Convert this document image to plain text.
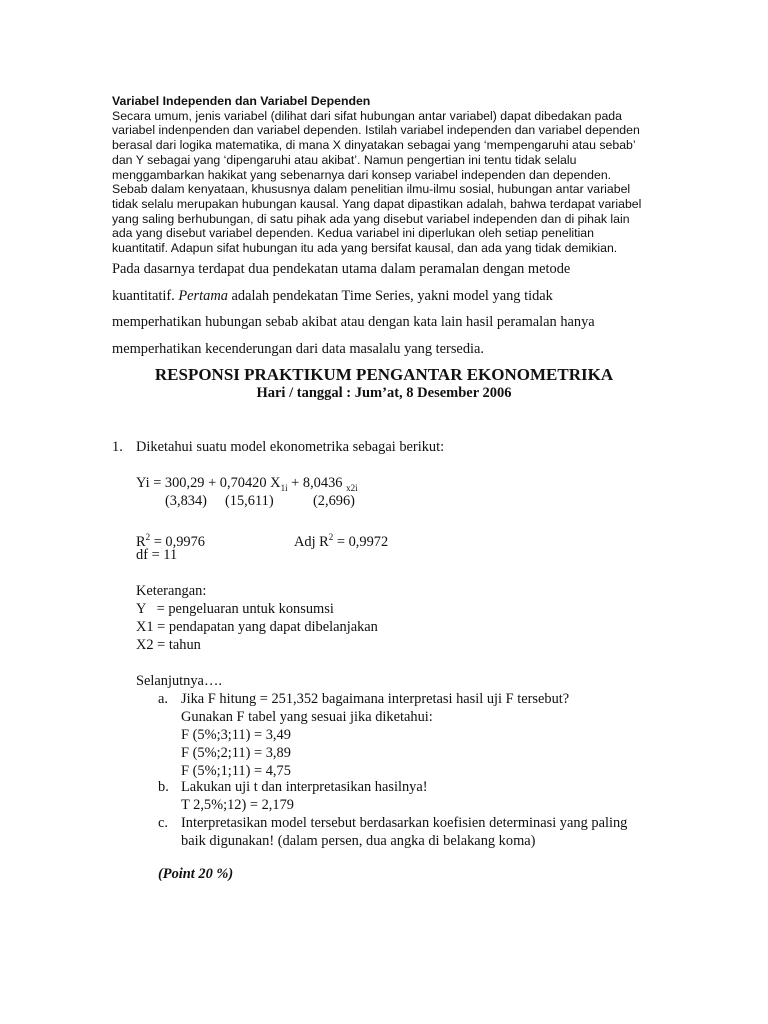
Variabel Independen dan Variabel Dependen

Secara umum, jenis variabel (dilihat dari sifat hubungan antar variabel) dapat dibedakan pada

variabel indenpenden dan variabel dependen. Istilah variabel independen dan variabel dependen

berasal dari logika matematika, di mana X dinyatakan sebagai yang ‘mempengaruhi atau sebab’

dan Y sebagai yang ‘dipengaruhi atau akibat’. Namun pengertian ini tentu tidak selalu

menggambarkan hakikat yang sebenarnya dari konsep variabel independen dan dependen.

Sebab dalam kenyataan, khususnya dalam penelitian ilmu-ilmu sosial, hubungan antar variabel

tidak selalu merupakan hubungan kausal. Yang dapat dipastikan adalah, bahwa terdapat variabel

yang saling berhubungan, di satu pihak ada yang disebut variabel independen dan di pihak lain

ada yang disebut variabel dependen. Kedua variabel ini diperlukan oleh setiap penelitian

kuantitatif. Adapun sifat hubungan itu ada yang bersifat kausal, dan ada yang tidak demikian.

Pada dasarnya terdapat dua pendekatan utama dalam peramalan dengan metode

kuantitatif. Pertama adalah pendekatan Time Series, yakni model yang tidak

memperhatikan hubungan sebab akibat atau dengan kata lain hasil peramalan hanya

memperhatikan kecenderungan dari data masalalu yang tersedia.

RESPONSI PRAKTIKUM PENGANTAR EKONOMETRIKA
Hari / tanggal : Jum’at, 8 Desember 2006
1. Diketahui suatu model ekonometrika sebagai berikut:
Yi = 300,29 + 0,70420 $X_{1i} + 8,0436$ $_{x2i}$
(3,834) (15,611)	(2,696)
$R^2 = 0,9976$	Adj $R^2 = 0,9972$
df = 11
Keterangan:
Y   = pengeluaran untuk konsumsi
X1 = pendapatan yang dapat dibelanjakan
X2 = tahun
Selanjutnya….
a. Jika F hitung = 251,352 bagaimana interpretasi hasil uji F tersebut?
Gunakan F tabel yang sesuai jika diketahui:
F (5%;3;11) = 3,49
F (5%;2;11) = 3,89
F (5%;1;11) = 4,75
b. Lakukan uji t dan interpretasikan hasilnya!
T 2,5%;12) = 2,179
c. Interpretasikan model tersebut berdasarkan koefisien determinasi yang paling
baik digunakan! (dalam persen, dua angka di belakang koma)
(Point 20 %)
